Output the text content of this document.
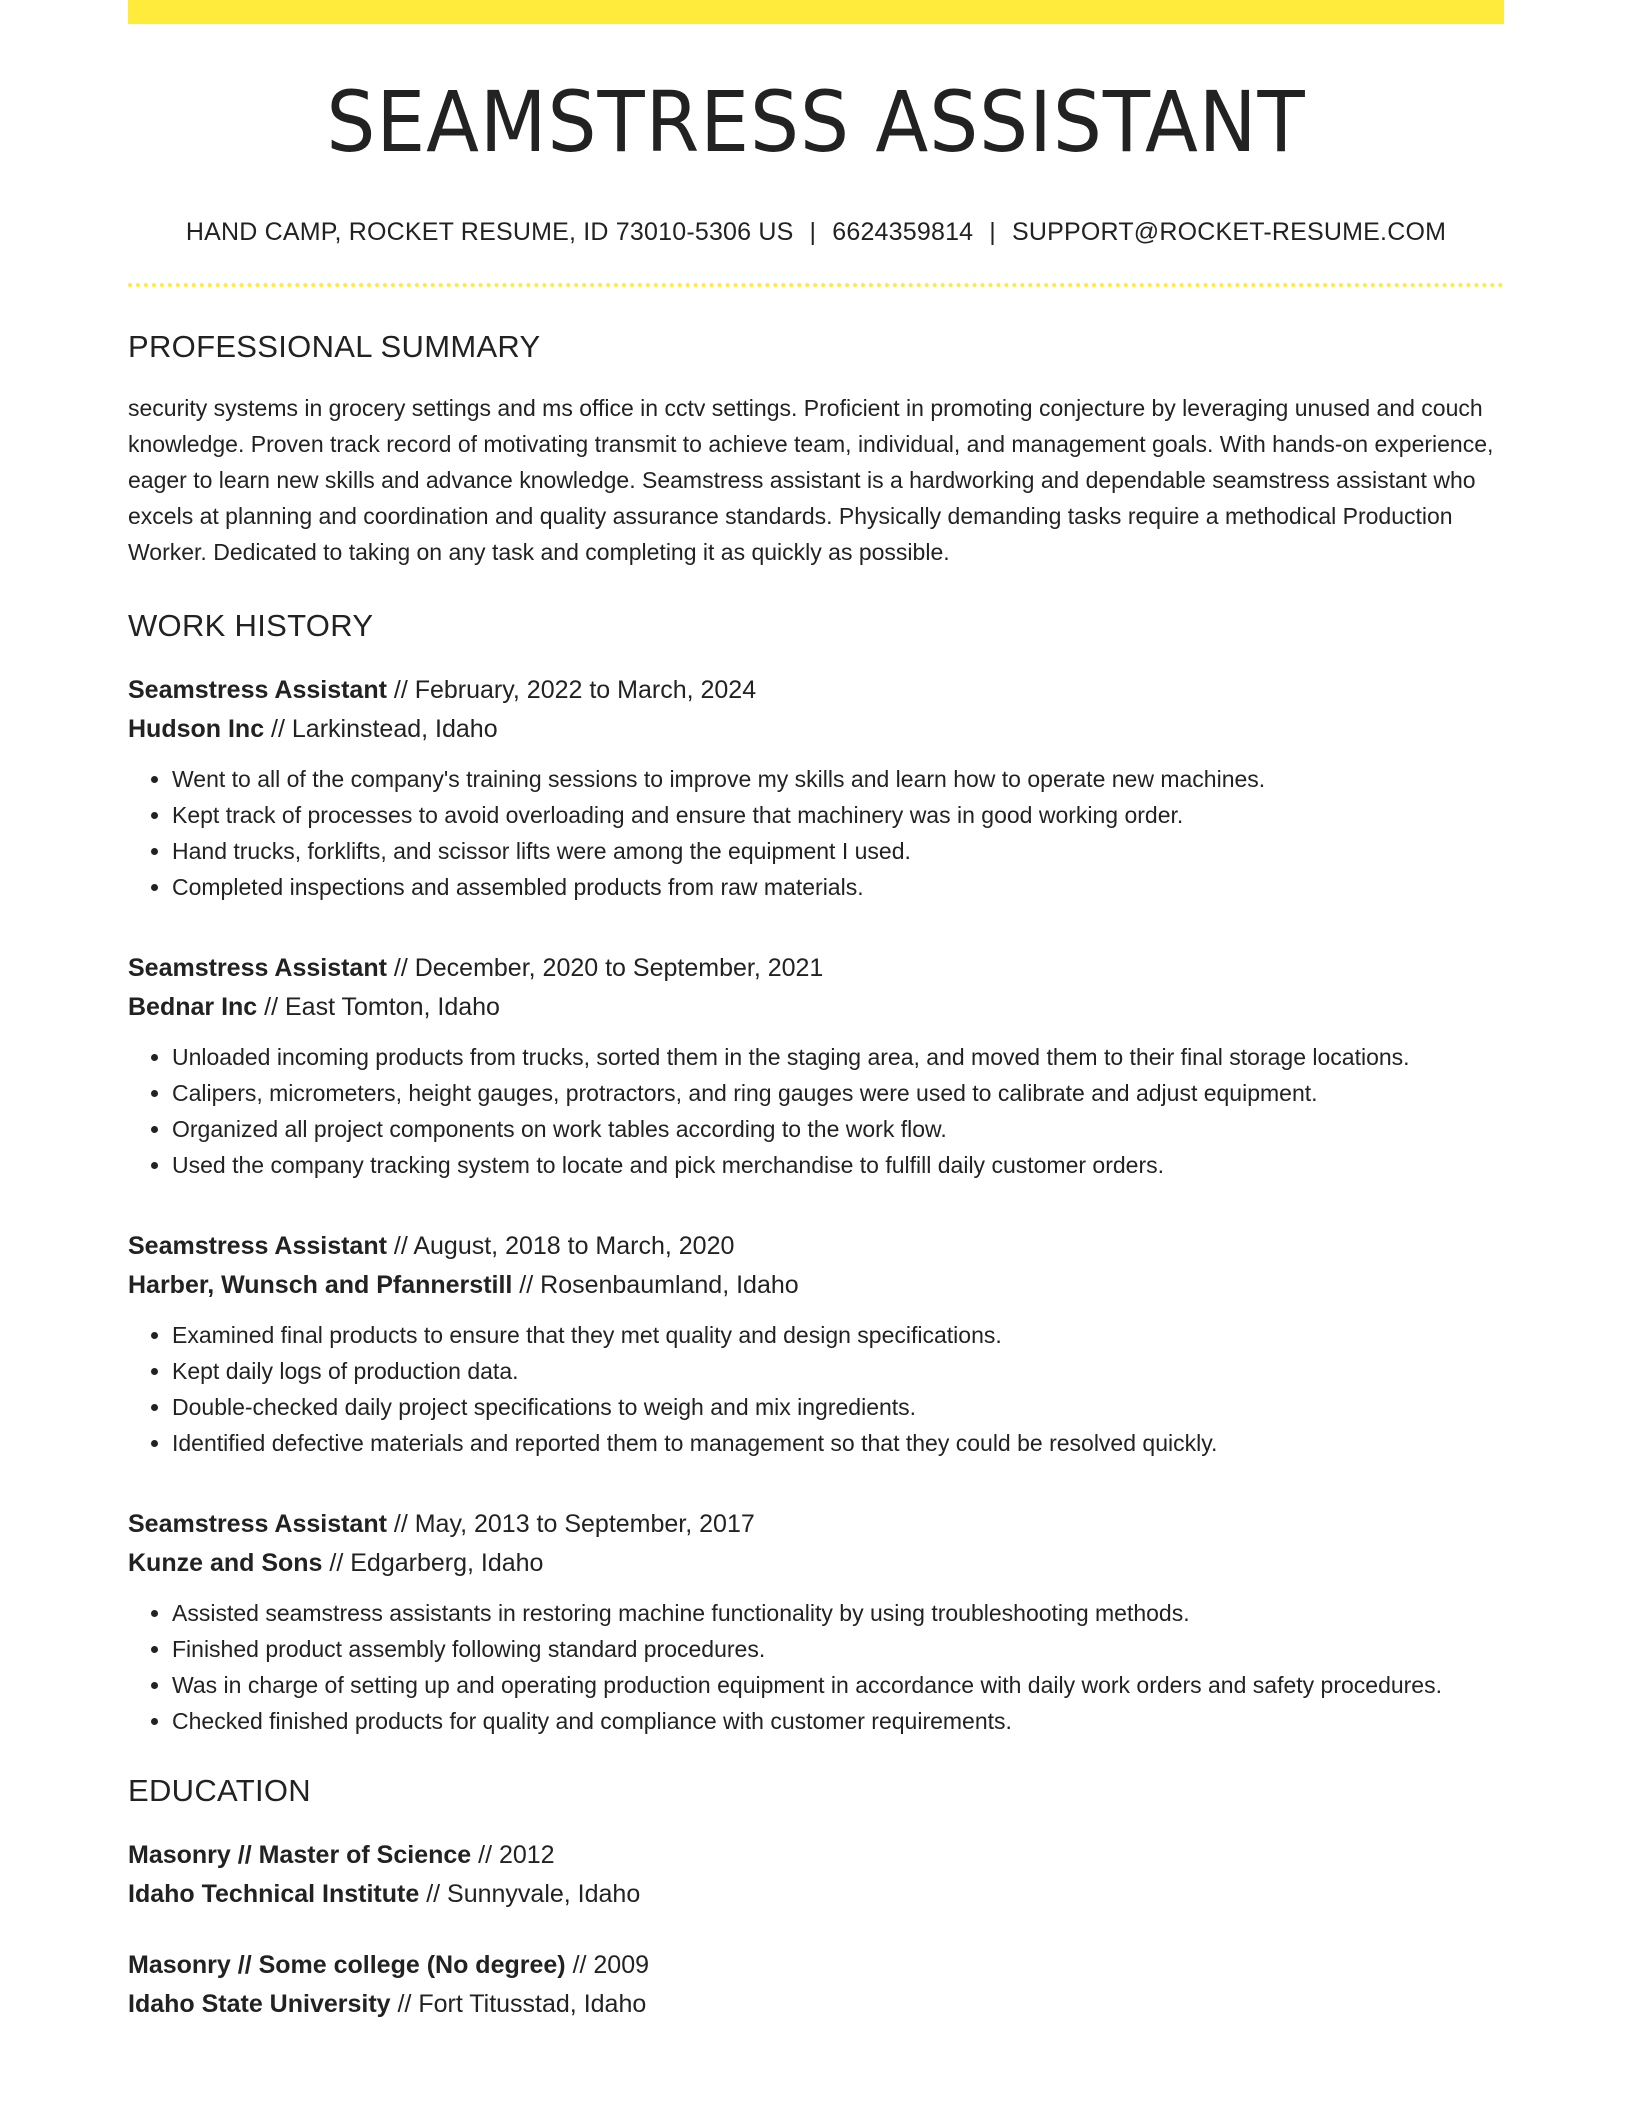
SEAMSTRESS ASSISTANT
HAND CAMP, ROCKET RESUME, ID 73010-5306 US | 6624359814 | SUPPORT@ROCKET-RESUME.COM
PROFESSIONAL SUMMARY

security systems in grocery settings and ms office in cctv settings. Proficient in promoting conjecture by leveraging unused and couch knowledge. Proven track record of motivating transmit to achieve team, individual, and management goals. With hands-on experience, eager to learn new skills and advance knowledge. Seamstress assistant is a hardworking and dependable seamstress assistant who excels at planning and coordination and quality assurance standards. Physically demanding tasks require a methodical Production Worker. Dedicated to taking on any task and completing it as quickly as possible.

WORK HISTORY
Seamstress Assistant // February, 2022 to March, 2024
Hudson Inc // Larkinstead, Idaho
• Went to all of the company's training sessions to improve my skills and learn how to operate new machines.
• Kept track of processes to avoid overloading and ensure that machinery was in good working order.
• Hand trucks, forklifts, and scissor lifts were among the equipment I used.
• Completed inspections and assembled products from raw materials.
Seamstress Assistant // December, 2020 to September, 2021
Bednar Inc // East Tomton, Idaho
• Unloaded incoming products from trucks, sorted them in the staging area, and moved them to their final storage locations.
• Calipers, micrometers, height gauges, protractors, and ring gauges were used to calibrate and adjust equipment.
• Organized all project components on work tables according to the work flow.
• Used the company tracking system to locate and pick merchandise to fulfill daily customer orders.
Seamstress Assistant // August, 2018 to March, 2020
Harber, Wunsch and Pfannerstill // Rosenbaumland, Idaho
• Examined final products to ensure that they met quality and design specifications.
• Kept daily logs of production data.
• Double-checked daily project specifications to weigh and mix ingredients.
• Identified defective materials and reported them to management so that they could be resolved quickly.
Seamstress Assistant // May, 2013 to September, 2017
Kunze and Sons // Edgarberg, Idaho
• Assisted seamstress assistants in restoring machine functionality by using troubleshooting methods.
• Finished product assembly following standard procedures.
• Was in charge of setting up and operating production equipment in accordance with daily work orders and safety procedures.
• Checked finished products for quality and compliance with customer requirements.
EDUCATION
Masonry // Master of Science // 2012
Idaho Technical Institute // Sunnyvale, Idaho
Masonry // Some college (No degree) // 2009
Idaho State University // Fort Titusstad, Idaho
